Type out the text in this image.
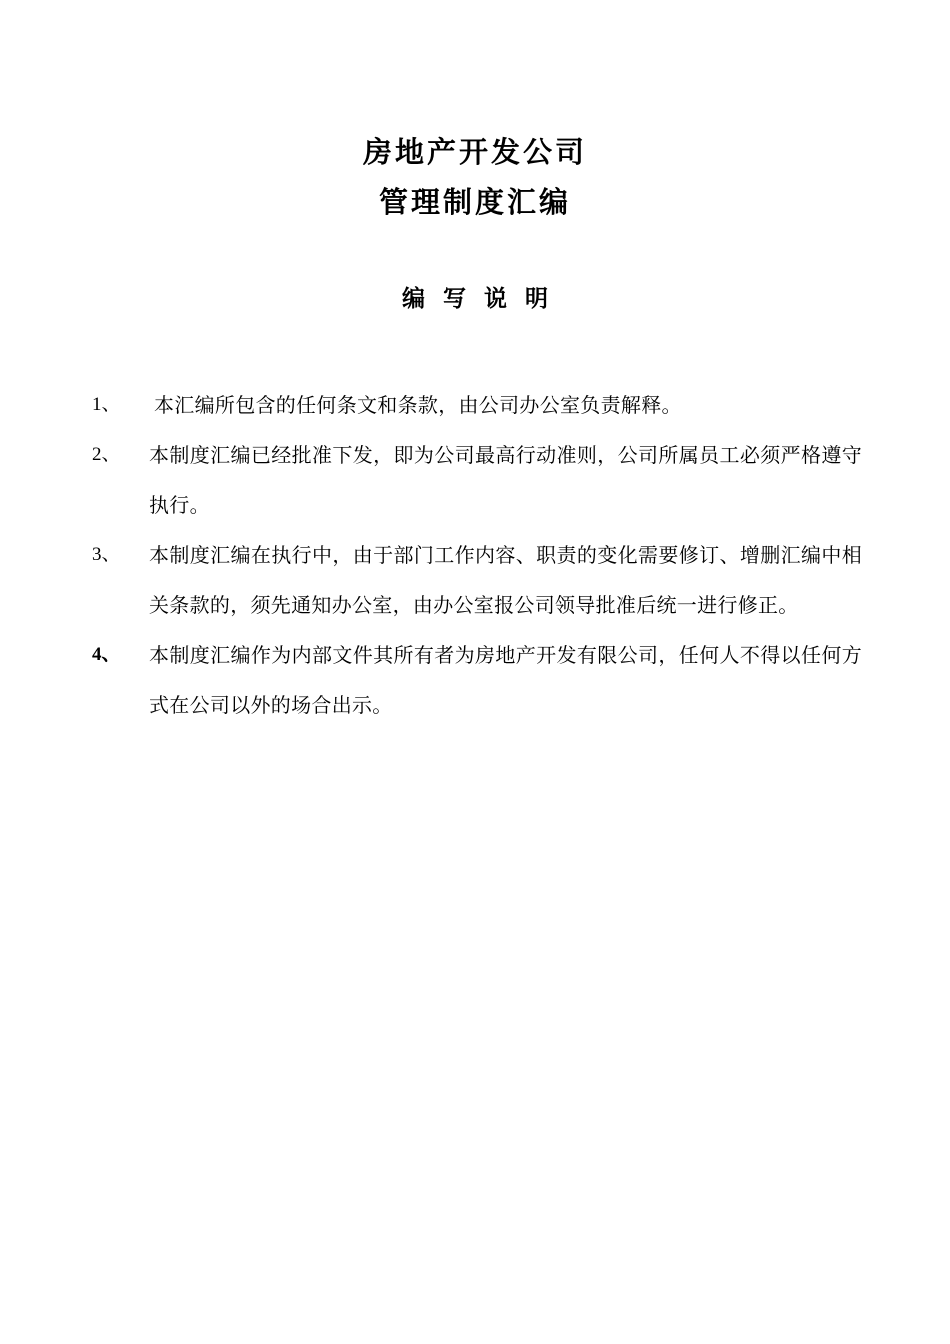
房地产开发公司
管理制度汇编
编写说明
1、	本汇编所包含的任何条文和条款，由公司办公室负责解释。
2、	本制度汇编已经批准下发，即为公司最高行动准则，公司所属员工必须严格遵守执行。
3、	本制度汇编在执行中，由于部门工作内容、职责的变化需要修订、增删汇编中相关条款的，须先通知办公室，由办公室报公司领导批准后统一进行修正。
4、	本制度汇编作为内部文件其所有者为房地产开发有限公司，任何人不得以任何方式在公司以外的场合出示。
